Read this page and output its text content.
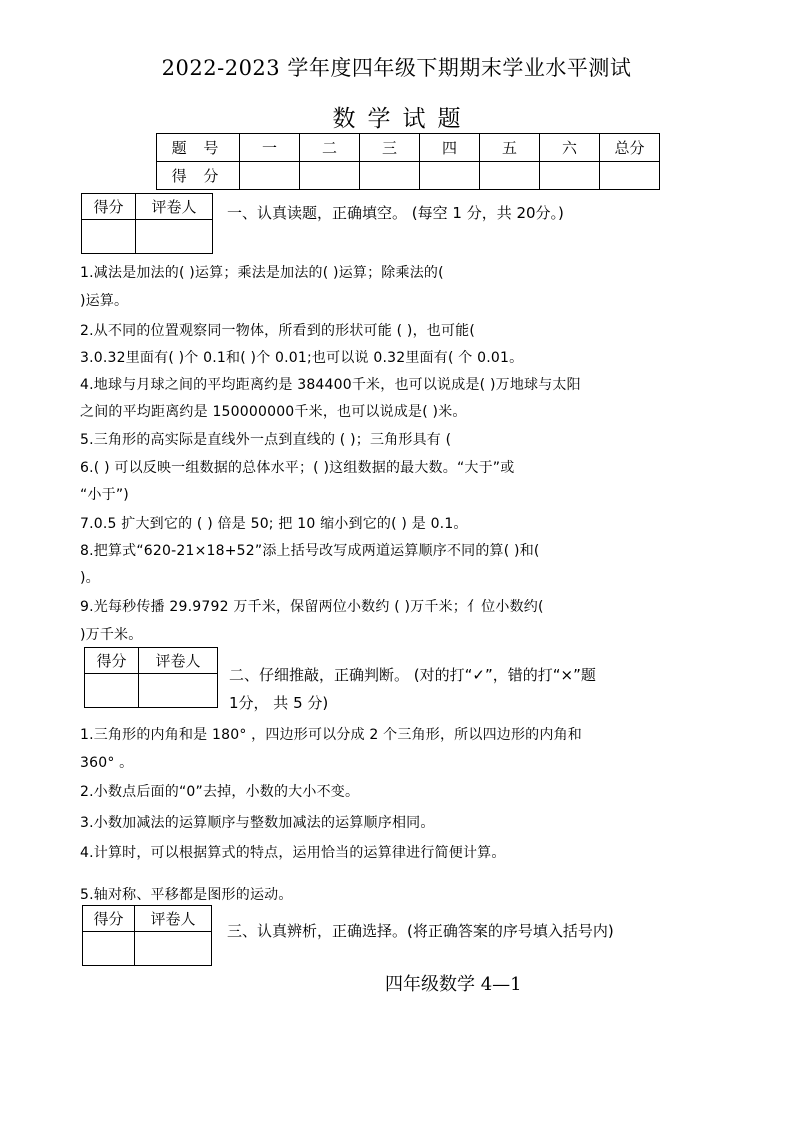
2022-2023 学年度四年级下期期末学业水平测试
数学试题
题 号	一	二	三	四	五	六	总分
得 分							
得分	评卷人
	一、认真读题，正确填空。 (每空 1 分，共 20分。)
1.减法是加法的( )运算；乘法是加法的( )运算；除乘法的(
)运算。
2.从不同的位置观察同一物体，所看到的形状可能 ( )，也可能(
3.0.32里面有( )个 0.1和( )个 0.01;也可以说 0.32里面有( 个 0.01。
4.地球与月球之间的平均距离约是 384400千米，也可以说成是( )万地球与太阳
之间的平均距离约是 150000000千米，也可以说成是( )米。
5.三角形的高实际是直线外一点到直线的 ( )；三角形具有 (
6.( ) 可以反映一组数据的总体水平；( )这组数据的最大数。“大于”或
“小于”)
7.0.5 扩大到它的 ( ) 倍是 50; 把 10 缩小到它的( ) 是 0.1。
8.把算式“620-21×18+52”添上括号改写成两道运算顺序不同的算( )和(
)。
9.光每秒传播 29.9792 万千米，保留两位小数约 ( )万千米；亻位小数约(
)万千米。
得分	评卷人

二、仔细推敲，正确判断。 (对的打“✓”，错的打“×”题
1分， 共 5 分)
1.三角形的内角和是 180° ，四边形可以分成 2 个三角形，所以四边形的内角和
360° 。
2.小数点后面的“0”去掉，小数的大小不变。
3.小数加减法的运算顺序与整数加减法的运算顺序相同。
4.计算时，可以根据算式的特点，运用恰当的运算律进行简便计算。
5.轴对称、平移都是图形的运动。
得分	评卷人

三、认真辨析，正确选择。(将正确答案的序号填入括号内)
四年级数学 4—1
